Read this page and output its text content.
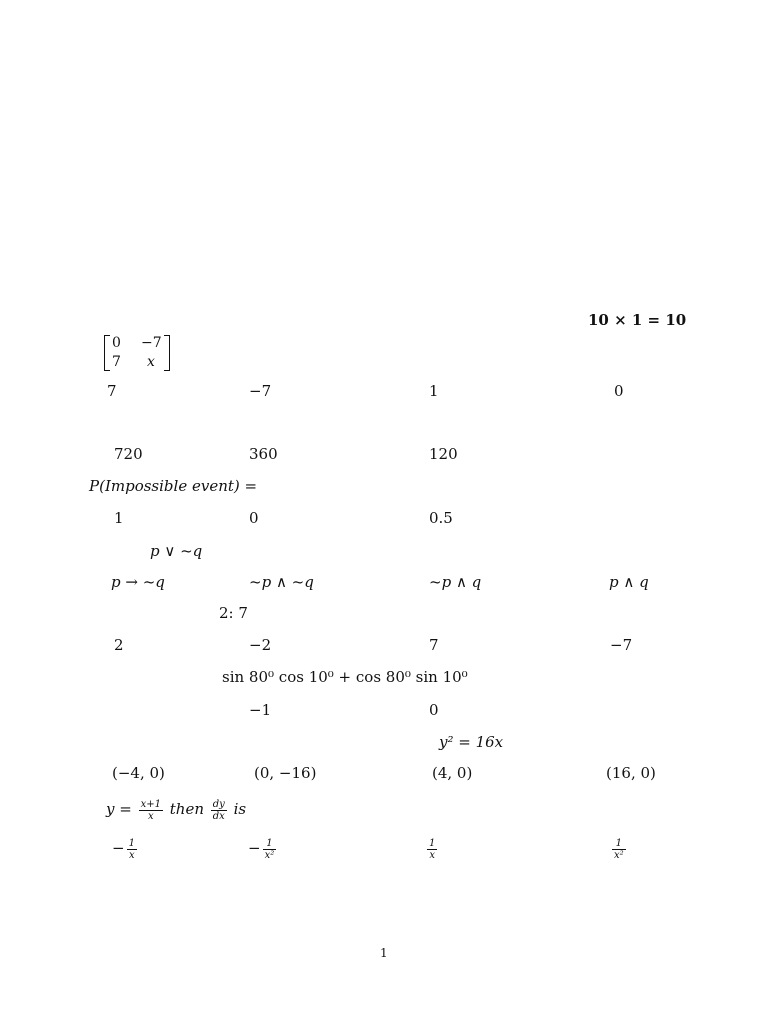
10 × 1 = 10
0 −7
7 x
7	−7	1	0
720	360	120
P(Impossible event) =
1	0	0.5
p ∨ ~q
p → ~q	~p ∧ ~q	~p ∧ q	p ∧ q
2: 7
2	−2	7	−7
sin 80⁰ cos 10⁰ + cos 80⁰ sin 10⁰
−1	0
y² = 16x
(−4, 0)	(0, −16)	(4, 0)	(16, 0)
$y = \frac{x+1}{x}$ then $\frac{dy}{dx}$ is
− $\frac{1}{x}$	− $\frac{1}{\text{x²}}$	$\frac{1}{x}$	$\frac{1}{\text{x²}}$
1
